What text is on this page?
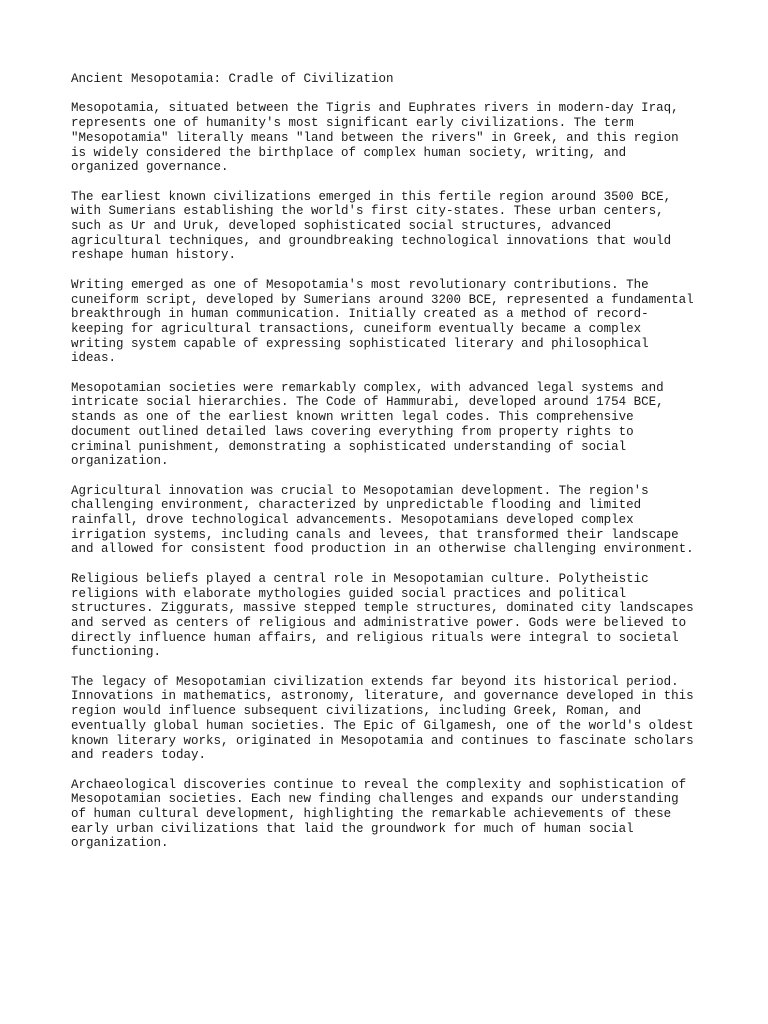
Ancient Mesopotamia: Cradle of Civilization
Mesopotamia, situated between the Tigris and Euphrates rivers in modern-day Iraq,
represents one of humanity's most significant early civilizations. The term
"Mesopotamia" literally means "land between the rivers" in Greek, and this region
is widely considered the birthplace of complex human society, writing, and
organized governance.
The earliest known civilizations emerged in this fertile region around 3500 BCE,
with Sumerians establishing the world's first city-states. These urban centers,
such as Ur and Uruk, developed sophisticated social structures, advanced
agricultural techniques, and groundbreaking technological innovations that would
reshape human history.
Writing emerged as one of Mesopotamia's most revolutionary contributions. The
cuneiform script, developed by Sumerians around 3200 BCE, represented a fundamental
breakthrough in human communication. Initially created as a method of record-
keeping for agricultural transactions, cuneiform eventually became a complex
writing system capable of expressing sophisticated literary and philosophical
ideas.
Mesopotamian societies were remarkably complex, with advanced legal systems and
intricate social hierarchies. The Code of Hammurabi, developed around 1754 BCE,
stands as one of the earliest known written legal codes. This comprehensive
document outlined detailed laws covering everything from property rights to
criminal punishment, demonstrating a sophisticated understanding of social
organization.
Agricultural innovation was crucial to Mesopotamian development. The region's
challenging environment, characterized by unpredictable flooding and limited
rainfall, drove technological advancements. Mesopotamians developed complex
irrigation systems, including canals and levees, that transformed their landscape
and allowed for consistent food production in an otherwise challenging environment.
Religious beliefs played a central role in Mesopotamian culture. Polytheistic
religions with elaborate mythologies guided social practices and political
structures. Ziggurats, massive stepped temple structures, dominated city landscapes
and served as centers of religious and administrative power. Gods were believed to
directly influence human affairs, and religious rituals were integral to societal
functioning.
The legacy of Mesopotamian civilization extends far beyond its historical period.
Innovations in mathematics, astronomy, literature, and governance developed in this
region would influence subsequent civilizations, including Greek, Roman, and
eventually global human societies. The Epic of Gilgamesh, one of the world's oldest
known literary works, originated in Mesopotamia and continues to fascinate scholars
and readers today.
Archaeological discoveries continue to reveal the complexity and sophistication of
Mesopotamian societies. Each new finding challenges and expands our understanding
of human cultural development, highlighting the remarkable achievements of these
early urban civilizations that laid the groundwork for much of human social
organization.
